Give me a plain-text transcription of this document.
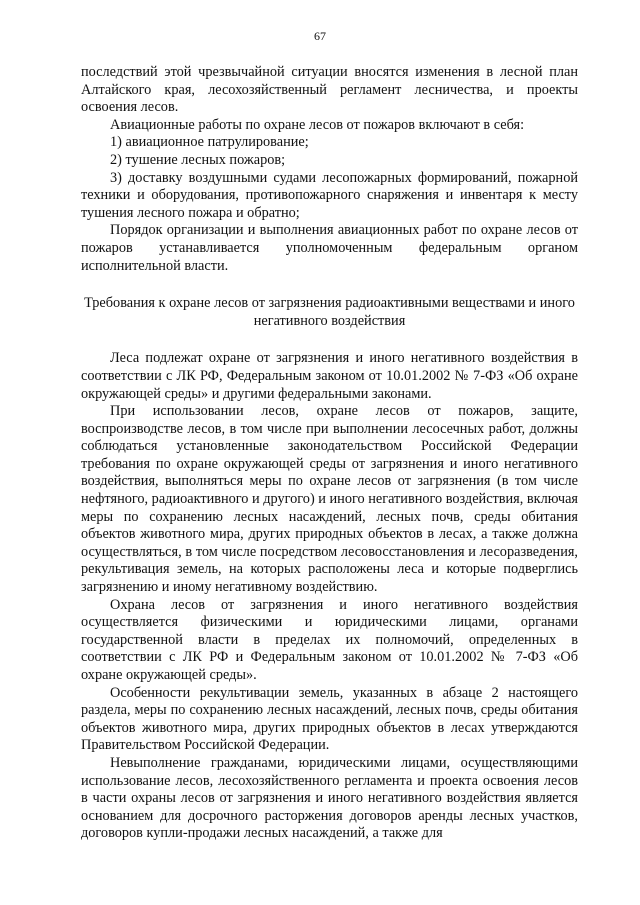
67

последствий этой чрезвычайной ситуации вносятся изменения в лесной план Алтайского края, лесохозяйственный регламент лесничества, и проекты освоения лесов.

Авиационные работы по охране лесов от пожаров включают в себя:

1) авиационное патрулирование;

2) тушение лесных пожаров;

3) доставку воздушными судами лесопожарных формирований, пожарной техники и оборудования, противопожарного снаряжения и инвентаря к месту тушения лесного пожара и обратно;

Порядок организации и выполнения авиационных работ по охране лесов от пожаров устанавливается уполномоченным федеральным органом исполнительной власти.

Требования к охране лесов от загрязнения радиоактивными веществами и иного негативного воздействия

Леса подлежат охране от загрязнения и иного негативного воздействия в соответствии с ЛК РФ, Федеральным законом от 10.01.2002 № 7-ФЗ «Об охране окружающей среды» и другими федеральными законами.

При использовании лесов, охране лесов от пожаров, защите, воспроизводстве лесов, в том числе при выполнении лесосечных работ, должны соблюдаться установленные законодательством Российской Федерации требования по охране окружающей среды от загрязнения и иного негативного воздействия, выполняться меры по охране лесов от загрязнения (в том числе нефтяного, радиоактивного и другого) и иного негативного воздействия, включая меры по сохранению лесных насаждений, лесных почв, среды обитания объектов животного мира, других природных объектов в лесах, а также должна осуществляться, в том числе посредством лесовосстановления и лесоразведения, рекультивация земель, на которых расположены леса и которые подверглись загрязнению и иному негативному воздействию.

Охрана лесов от загрязнения и иного негативного воздействия осуществляется физическими и юридическими лицами, органами государственной власти в пределах их полномочий, определенных в соответствии с ЛК РФ и Федеральным законом от 10.01.2002 № 7-ФЗ «Об охране окружающей среды».

Особенности рекультивации земель, указанных в абзаце 2 настоящего раздела, меры по сохранению лесных насаждений, лесных почв, среды обитания объектов животного мира, других природных объектов в лесах утверждаются Правительством Российской Федерации.

Невыполнение гражданами, юридическими лицами, осуществляющими использование лесов, лесохозяйственного регламента и проекта освоения лесов в части охраны лесов от загрязнения и иного негативного воздействия является основанием для досрочного расторжения договоров аренды лесных участков, договоров купли-продажи лесных насаждений, а также для
